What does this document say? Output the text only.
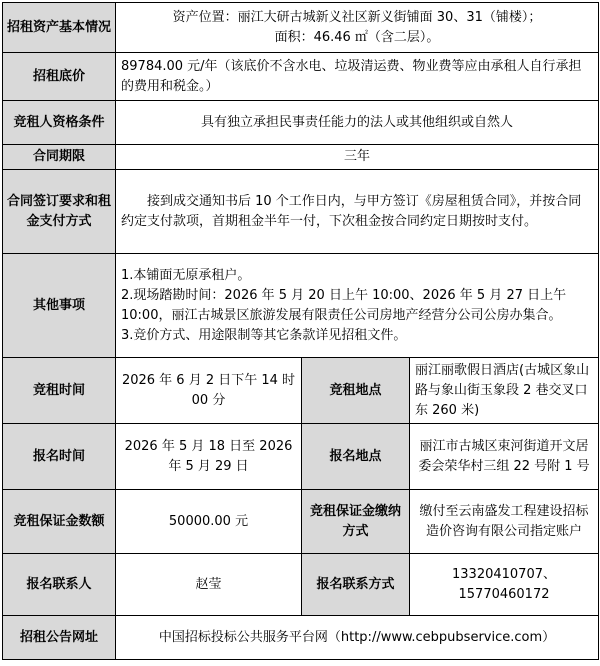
招租资产基本情况	资产位置：丽江大研古城新义社区新义街铺面 30、31（铺楼）；
面积：46.46 ㎡（含二层）。		

招租底价	89784.00 元/年（该底价不含水电、垃圾清运费、物业费等应由承租人自行承担的费用和税金。）		
竞租人资格条件	具有独立承担民事责任能力的法人或其他组织或自然人		
合同期限	三年		
合同签订要求和租金支付方式	接到成交通知书后 10 个工作日内，与甲方签订《房屋租赁合同》，并按合同约定支付款项，首期租金半年一付，下次租金按合同约定日期按时支付。		

其他事项	1.本铺面无原承租户。
2.现场踏勘时间：2026 年 5 月 20 日上午 10:00、2026 年 5 月 27 日上午 10:00，丽江古城景区旅游发展有限责任公司房地产经营分公司公房办集合。
3.竞价方式、用途限制等其它条款详见招租文件。		

竞租时间	2026 年 6 月 2 日下午 14 时 00 分	竞租地点	丽江丽歌假日酒店(古城区象山路与象山街玉象段 2 巷交叉口东 260 米)
报名时间	2026 年 5 月 18 日至 2026 年 5 月 29 日	报名地点	丽江市古城区束河街道开文居委会荣华村三组 22 号附 1 号
竞租保证金数额	50000.00 元	竞租保证金缴纳方式	缴付至云南盛发工程建设招标造价咨询有限公司指定账户
报名联系人	赵莹	报名联系方式	13320410707、15770460172
招租公告网址	中国招标投标公共服务平台网（http://www.cebpubservice.com）		
